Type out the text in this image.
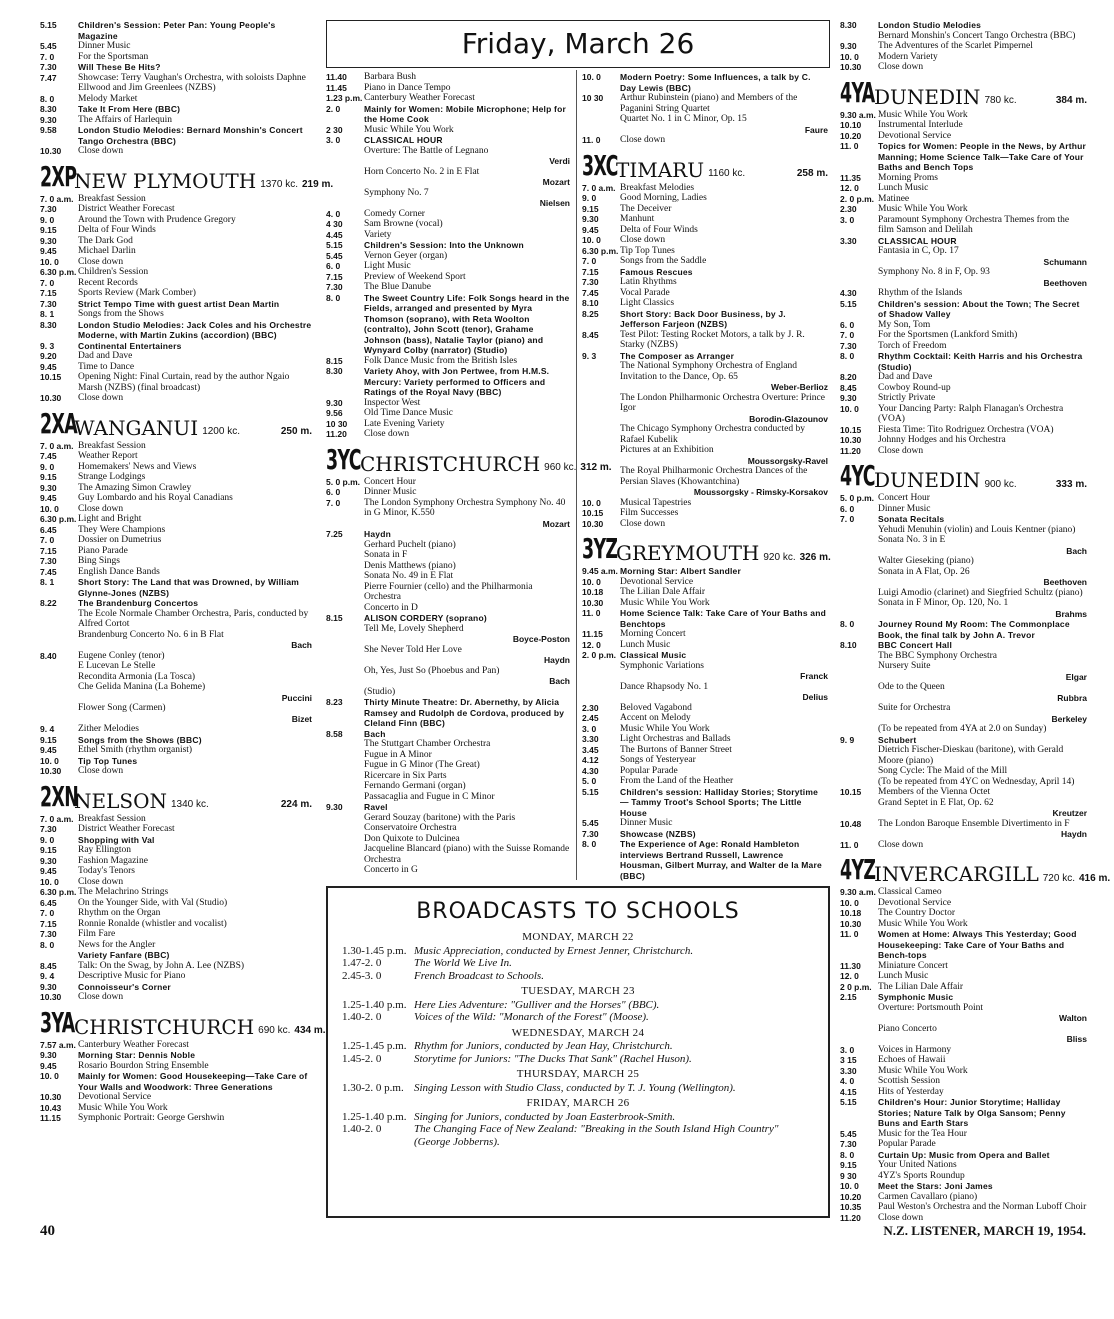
Friday, March 26
5.15	Children's Session: Peter Pan: Young People's Magazine
5.45	Dinner Music
7. 0	For the Sportsman
7.30	Will These Be Hits?
7.47	Showcase: Terry Vaughan's Orchestra, with soloists Daphne Ellwood and Jim Greenlees (NZBS)
8. 0	Melody Market
8.30	Take It From Here (BBC)
9.30	The Affairs of Harlequin
9.58	London Studio Melodies: Bernard Monshin's Concert Tango Orchestra (BBC)
10.30	Close down
2XP
NEW PLYMOUTH 1370 kc. 219 m.
7. 0 a.m. Breakfast Session
7.30	District Weather Forecast
9. 0	Around the Town with Prudence Gregory
9.15	Delta of Four Winds
9.30	The Dark God
9.45	Michael Darlin
10. 0	Close down
6.30 p.m. Children's Session
7. 0	Recent Records
7.15	Sports Review (Mark Comber)
7.30	Strict Tempo Time with guest artist Dean Martin
8. 1	Songs from the Shows
8.30	London Studio Melodies: Jack Coles and his Orchestre Moderne, with Martin Zukins (accordion) (BBC)
9. 3	Continental Entertainers
9.20	Dad and Dave
9.45	Time to Dance
10.15	Opening Night: Final Curtain, read by the author Ngaio Marsh (NZBS) (final broadcast)
10.30	Close down
2XA
WANGANUI 1200 kc.	250 m.
7. 0 a.m. Breakfast Session
7.45	Weather Report
9. 0	Homemakers' News and Views
9.15	Strange Lodgings
9.30	The Amazing Simon Crawley
9.45	Guy Lombardo and his Royal Canadians
10. 0	Close down
6.30 p.m. Light and Bright
6.45	They Were Champions
7. 0	Dossier on Dumetrius
7.15	Piano Parade
7.30	Bing Sings
7.45	English Dance Bands
8. 1	Short Story: The Land that was Drowned, by William Glynne-Jones (NZBS)
8.22	The Brandenburg Concertos
The Ecole Normale Chamber Orchestra, Paris, conducted by Alfred Cortot
Brandenburg Concerto No. 6 in B Flat
Bach
8.40	Eugene Conley (tenor)
E Lucevan Le Stelle
Recondita Armonia (La Tosca)
Che Gelida Manina (La Boheme)
Puccini
Flower Song (Carmen)
Bizet
9. 4	Zither Melodies
9.15	Songs from the Shows (BBC)
9.45	Ethel Smith (rhythm organist)
10. 0	Tip Top Tunes
10.30	Close down
2XN
NELSON 1340 kc.	224 m.
7. 0 a.m. Breakfast Session
7.30	District Weather Forecast
9. 0	Shopping with Val
9.15	Ray Ellington
9.30	Fashion Magazine
9.45	Today's Tenors
10. 0	Close down
6.30 p.m. The Melachrino Strings
6.45	On the Younger Side, with Val (Studio)
7. 0	Rhythm on the Organ
7.15	Ronnie Ronalde (whistler and vocalist)
7.30	Film Fare
8. 0	News for the Angler
Variety Fanfare (BBC)
8.45	Talk: On the Swag, by John A. Lee (NZBS)
9. 4	Descriptive Music for Piano
9.30	Connoisseur's Corner
10.30	Close down
3YA CHRISTCHURCH 690 kc. 434 m.
7.57 a.m. Canterbury Weather Forecast
9.30	Morning Star: Dennis Noble
9.45	Rosario Bourdon String Ensemble
10. 0	Mainly for Women: Good Housekeeping—Take Care of Your Walls and Woodwork: Three Generations
10.30	Devotional Service
10.43	Music While You Work
11.15	Symphonic Portrait: George Gershwin
11.40	Barbara Bush
11.45	Piano in Dance Tempo
1.23 p.m. Canterbury Weather Forecast
2. 0	Mainly for Women: Mobile Microphone; Help for the Home Cook
2 30	Music While You Work
3. 0	CLASSICAL HOUR
Overture: The Battle of Legnano
Verdi
Horn Concerto No. 2 in E Flat
Mozart
Symphony No. 7
Nielsen
4. 0	Comedy Corner
4 30	Sam Browne (vocal)
4.45	Variety
5.15	Children's Session: Into the Unknown
5.45	Vernon Geyer (organ)
6. 0	Light Music
7.15	Preview of Weekend Sport
7.30	The Blue Danube
8. 0	The Sweet Country Life: Folk Songs heard in the Fields, arranged and presented by Myra Thomson (soprano), with Reta Woolton (contralto), John Scott (tenor), Grahame Johnson (bass), Natalie Taylor (piano) and Wynyard Colby (narrator) (Studio)
8.15	Folk Dance Music from the British Isles
8.30	Variety Ahoy, with Jon Pertwee, from H.M.S. Mercury: Variety performed to Officers and Ratings of the Royal Navy (BBC)
9.30	Inspector West
9.56	Old Time Dance Music
10 30	Late Evening Variety
11.20	Close down
3YC CHRISTCHURCH 960 kc. 312 m.
5. 0 p.m. Concert Hour
6. 0	Dinner Music
7. 0	The London Symphony Orchestra Symphony No. 40 in G Minor, K.550
Mozart
7.25	Haydn
Gerhard Puchelt (piano)
Sonata in F
Denis Matthews (piano)
Sonata No. 49 in E Flat
Pierre Fournier (cello) and the Philharmonia Orchestra
Concerto in D
8.15	ALISON CORDERY (soprano)
Tell Me, Lovely Shepherd
Boyce-Poston
She Never Told Her Love
Haydn
Oh, Yes, Just So (Phoebus and Pan)
Bach
(Studio)
8.23	Thirty Minute Theatre: Dr. Abernethy, by Alicia Ramsey and Rudolph de Cordova, produced by Cleland Finn (BBC)
8.58	Bach
The Stuttgart Chamber Orchestra
Fugue in A Minor
Fugue in G Minor (The Great)
Ricercare in Six Parts
Fernando Germani (organ)
Passacaglia and Fugue in C Minor
9.30	Ravel
Gerard Souzay (baritone) with the Paris Conservatoire Orchestra
Don Quixote to Dulcinea
Jacqueline Blancard (piano) with the Suisse Romande Orchestra
Concerto in G
10. 0	Modern Poetry: Some Influences, a talk by C. Day Lewis (BBC)
10 30	Arthur Rubinstein (piano) and Members of the Paganini String Quartet
Quartet No. 1 in C Minor, Op. 15
Faure
11. 0	Close down
3XC
TIMARU 1160 kc.	258 m.
7. 0 a.m. Breakfast Melodies
9. 0	Good Morning, Ladies
9.15	The Deceiver
9.30	Manhunt
9.45	Delta of Four Winds
10. 0	Close down
6.30 p.m. Tip Top Tunes
7. 0	Songs from the Saddle
7.15	Famous Rescues
7.30	Latin Rhythms
7.45	Vocal Parade
8.10	Light Classics
8.25	Short Story: Back Door Business, by J. Jefferson Farjeon (NZBS)
8.45	Test Pilot: Testing Rocket Motors, a talk by J. R. Starky (NZBS)
9. 3	The Composer as Arranger
The National Symphony Orchestra of England
Invitation to the Dance, Op. 65
Weber-Berlioz
The London Philharmonic Orchestra Overture: Prince Igor
Borodin-Glazounov
The Chicago Symphony Orchestra conducted by Rafael Kubelik
Pictures at an Exhibition
Moussorgsky-Ravel
The Royal Philharmonic Orchestra Dances of the Persian Slaves (Khowantchina)
Moussorgsky - Rimsky-Korsakov
10. 0	Musical Tapestries
10.15	Film Successes
10.30	Close down
3YZ
GREYMOUTH 920 kc. 326 m.
9.45 a.m. Morning Star: Albert Sandler
10. 0	Devotional Service
10.18	The Lilian Dale Affair
10.30	Music While You Work
11. 0	Home Science Talk: Take Care of Your Baths and Benchtops
11.15	Morning Concert
12. 0	Lunch Music
2. 0 p.m. Classical Music
Symphonic Variations
Franck
Dance Rhapsody No. 1
Delius
2.30	Beloved Vagabond
2.45	Accent on Melody
3. 0	Music While You Work
3.30	Light Orchestras and Ballads
3.45	The Burtons of Banner Street
4.12	Songs of Yesteryear
4.30	Popular Parade
5. 0	From the Land of the Heather
5.15	Children's session: Halliday Stories; Storytime — Tammy Troot's School Sports; The Little House
5.45	Dinner Music
7.30	Showcase (NZBS)
8. 0	The Experience of Age: Ronald Hambleton interviews Bertrand Russell, Lawrence Housman, Gilbert Murray, and Walter de la Mare (BBC)
8.30	London Studio Melodies
Bernard Monshin's Concert Tango Orchestra (BBC)
9.30	The Adventures of the Scarlet Pimpernel
10. 0	Modern Variety
10.30	Close down
4YA DUNEDIN 780 kc.	384 m.
9.30 a.m. Music While You Work
10.10	Instrumental Interlude
10.20	Devotional Service
11. 0	Topics for Women: People in the News, by Arthur Manning; Home Science Talk—Take Care of Your Baths and Bench Tops
11.35	Morning Proms
12. 0	Lunch Music
2. 0 p.m. Matinee
2.30	Music While You Work
3. 0	Paramount Symphony Orchestra Themes from the film Samson and Delilah
3.30	CLASSICAL HOUR
Fantasia in C, Op. 17
Schumann
Symphony No. 8 in F, Op. 93
Beethoven
4.30	Rhythm of the Islands
5.15	Children's session: About the Town; The Secret of Shadow Valley
6. 0	My Son, Tom
7. 0	For the Sportsmen (Lankford Smith)
7.30	Torch of Freedom
8. 0	Rhythm Cocktail: Keith Harris and his Orchestra (Studio)
8.20	Dad and Dave
8.45	Cowboy Round-up
9.30	Strictly Private
10. 0	Your Dancing Party: Ralph Flanagan's Orchestra (VOA)
10.15	Fiesta Time: Tito Rodriguez Orchestra (VOA)
10.30	Johnny Hodges and his Orchestra
11.20	Close down
4YC DUNEDIN 900 kc.	333 m.
5. 0 p.m. Concert Hour
6. 0	Dinner Music
7. 0	Sonata Recitals
Yehudi Menuhin (violin) and Louis Kentner (piano)
Sonata No. 3 in E
Bach
Walter Gieseking (piano)
Sonata in A Flat, Op. 26
Beethoven
Luigi Amodio (clarinet) and Siegfried Schultz (piano)
Sonata in F Minor, Op. 120, No. 1
Brahms
8. 0	Journey Round My Room: The Commonplace Book, the final talk by John A. Trevor
8.10	BBC Concert Hall
The BBC Symphony Orchestra
Nursery Suite
Elgar
Ode to the Queen
Rubbra
Suite for Orchestra
Berkeley
(To be repeated from 4YA at 2.0 on Sunday)
9. 9	Schubert
Dietrich Fischer-Dieskau (baritone), with Gerald Moore (piano)
Song Cycle: The Maid of the Mill
(To be repeated from 4YC on Wednesday, April 14)
10.15	Members of the Vienna Octet
Grand Septet in E Flat, Op. 62
Kreutzer
10.48	The London Baroque Ensemble Divertimento in F
Haydn
11. 0	Close down
4YZ
INVERCARGILL 720 kc. 416 m.
9.30 a.m. Classical Cameo
10. 0	Devotional Service
10.18	The Country Doctor
10.30	Music While You Work
11. 0	Women at Home: Always This Yesterday; Good Housekeeping: Take Care of Your Baths and Bench-tops
11.30	Miniature Concert
12. 0	Lunch Music
2 0 p.m. The Lilian Dale Affair
2.15	Symphonic Music
Overture: Portsmouth Point
Walton
Piano Concerto
Bliss
3. 0	Voices in Harmony
3 15	Echoes of Hawaii
3.30	Music While You Work
4. 0	Scottish Session
4.15	Hits of Yesterday
5.15	Children's Hour: Junior Storytime; Halliday Stories; Nature Talk by Olga Sansom; Penny Buns and Earth Stars
5.45	Music for the Tea Hour
7.30	Popular Parade
8. 0	Curtain Up: Music from Opera and Ballet
9.15	Your United Nations
9 30	4YZ's Sports Roundup
10. 0	Meet the Stars: Joni James
10.20	Carmen Cavallaro (piano)
10.35	Paul Weston's Orchestra and the Norman Luboff Choir
11.20	Close down
BROADCASTS TO SCHOOLS
MONDAY, MARCH 22
1.30-1.45 p.m. Music Appreciation, conducted by Ernest Jenner, Christchurch.
1.47-2. 0	The World We Live In.
2.45-3. 0	French Broadcast to Schools.
TUESDAY, MARCH 23
1.25-1.40 p.m. Here Lies Adventure: "Gulliver and the Horses" (BBC).
1.40-2. 0	Voices of the Wild: "Monarch of the Forest" (Moose).
WEDNESDAY, MARCH 24
1.25-1.45 p.m. Rhythm for Juniors, conducted by Jean Hay, Christchurch.
1.45-2. 0	Storytime for Juniors: "The Ducks That Sank" (Rachel Huson).
THURSDAY, MARCH 25
1.30-2. 0 p.m. Singing Lesson with Studio Class, conducted by T. J. Young (Wellington).
FRIDAY, MARCH 26
1.25-1.40 p.m. Singing for Juniors, conducted by Joan Easterbrook-Smith.
1.40-2. 0	The Changing Face of New Zealand: "Breaking in the South Island High Country" (George Jobberns).
40	N.Z. LISTENER, MARCH 19, 1954.
